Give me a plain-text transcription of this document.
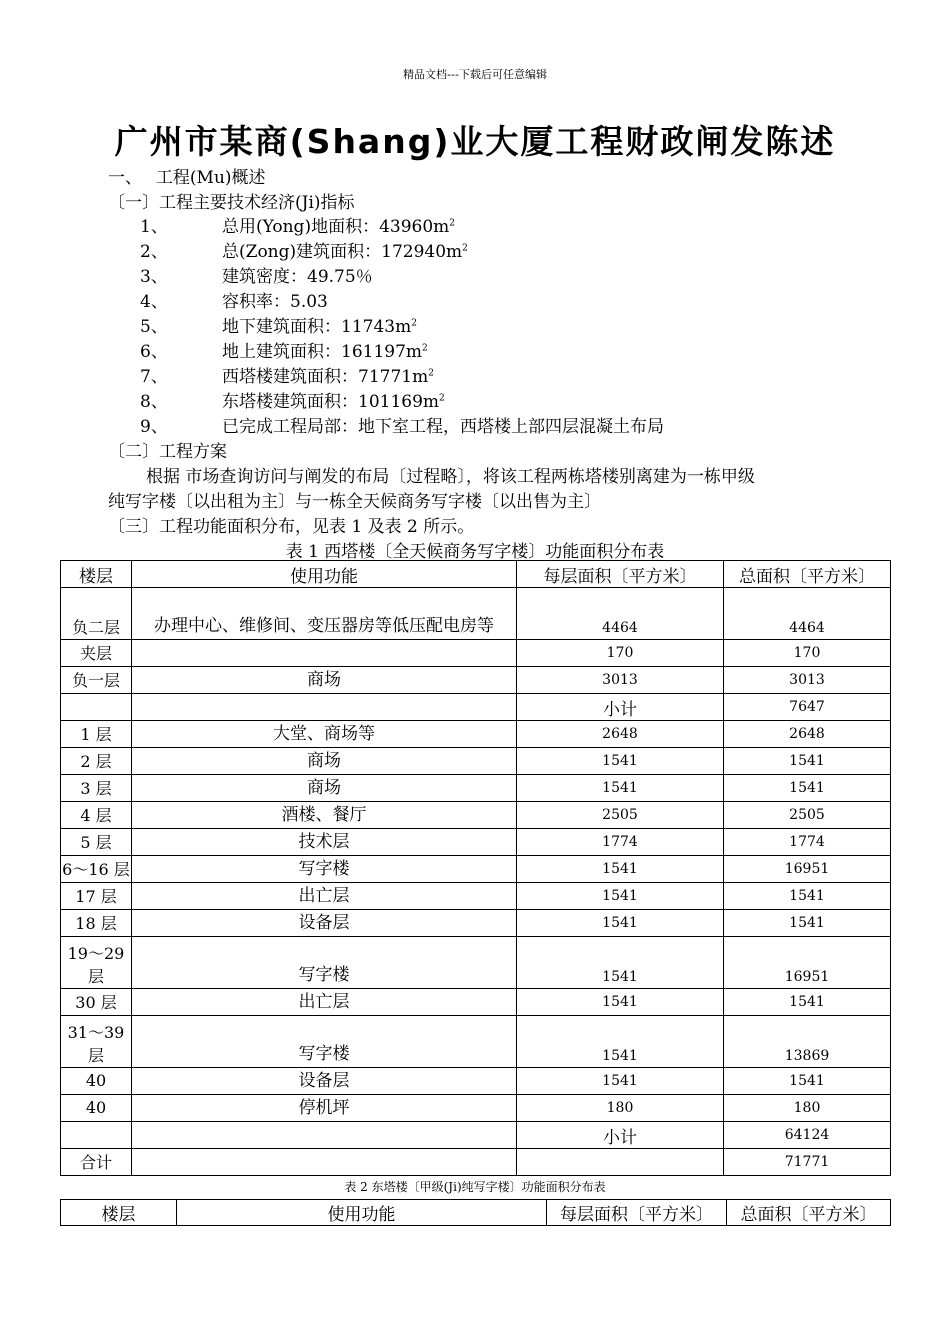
精品文档---下载后可任意编辑
广州市某商(Shang)业大厦工程财政闸发陈述
一、　 工程(Mu)概述
〔一〕工程主要技术经济(Ji)指标
1、	总用(Yong)地面积：$43960m^2$
2、	总(Zong)建筑面积：$172940m^2$
3、	建筑密度：49.75％
4、	容积率：5.03
5、	地下建筑面积：$11743m^2$
6、	地上建筑面积：$161197m^2$
7、	西塔楼建筑面积：$71771m^2$
8、	东塔楼建筑面积：$101169m^2$
9、	已完成工程局部：地下室工程，西塔楼上部四层混凝土布局
〔二〕工程方案
根据 市场查询访问与阐发的布局〔过程略〕，将该工程两栋塔楼别离建为一栋甲级
纯写字楼〔以出租为主〕与一栋全天候商务写字楼〔以出售为主〕
〔三〕工程功能面积分布，见表 1 及表 2 所示。
表 1 西塔楼〔全天候商务写字楼〕功能面积分布表
楼层	使用功能	每层面积〔平方米〕	总面积〔平方米〕
负二层	办理中心、维修间、变压器房等低压配电房等	4464	4464
夹层		170	170
负一层	商场	3013	3013
		小计	7647
1 层	大堂、商场等	2648	2648
2 层	商场	1541	1541
3 层	商场	1541	1541
4 层	酒楼、餐厅	2505	2505
5 层	技术层	1774	1774
6～16 层	写字楼	1541	16951
17 层	出亡层	1541	1541
18 层	设备层	1541	1541
19～29 层	写字楼	1541	16951
30 层	出亡层	1541	1541
31～39 层	写字楼	1541	13869
40	设备层	1541	1541
40	停机坪	180	180
		小计	64124
合计			71771
表 2 东塔楼〔甲级(Ji)纯写字楼〕功能面积分布表
楼层	使用功能	每层面积〔平方米〕	总面积〔平方米〕
